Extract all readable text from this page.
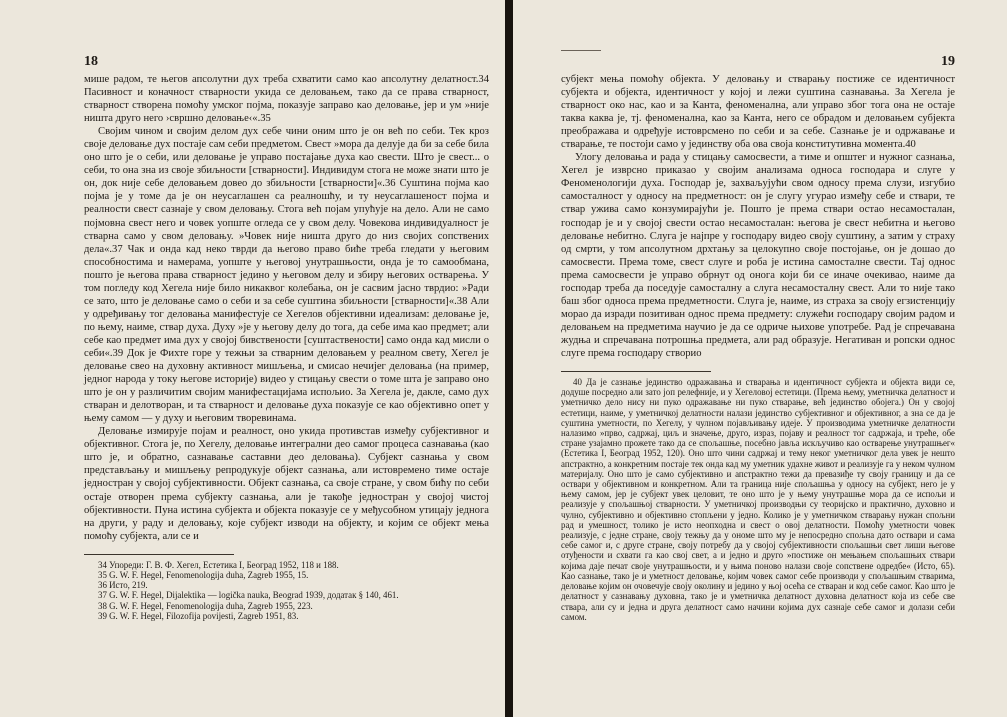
18

мише радом, те његов апсолутни дух треба схватити само као апсолутну делатност.34 Пасивност и коначност стварности укида се деловањем, тако да се права стварност, стварност створена помоћу умског појма, показује заправо као деловање, јер и ум »није ништа друго него ›свршно деловање‹«.35

Својим чином и својим делом дух себе чини оним што је он већ по себи. Тек кроз своје деловање дух постаје сам себи предметом. Свест »мора да делује да би за себе била оно што је о себи, или деловање је управо постајање духа као свести. Што је свест... о себи, то она зна из своје збиљности [стварности]. Индивидум стога не може знати што је он, док није себе деловањем довео до збиљности [стварности]«.36 Суштина појма као појма је у томе да је он неусаглашен са реалношћу, и ту неусаглашеност појма и реалности свест сазнаје у свом деловању. Стога већ појам упућује на дело. Али не само појмовна свест него и човек уопште огледа се у свом делу. Човекова индивидуалност је стварна само у свом деловању. »Човек није ништа друго до низ својих сопствених дела«.37 Чак и онда кад неко тврди да његово право биће треба гледати у његовим способностима и намерама, уопште у његовој унутрашњости, онда је то самообмана, пошто је његова права стварност једино у његовом делу и збиру његових остварења. У том погледу код Хегела није било никаквог колебања, он је сасвим јасно тврдио: »Ради се зато, што је деловање само о себи и за себе суштина збиљности [стварности]«.38 Али у одређивању тог деловања манифестује се Хегелов објективни идеализам: деловање је, по њему, наиме, ствар духа. Духу »је у његову делу до тога, да себе има као предмет; али себе као предмет има дух у својој бивствености [суштаствености] само онда кад мисли о себи«.39 Док је Фихте горе у тежњи за стварним деловањем у реалном свету, Хегел је деловање свео на духовну активност мишљења, и смисао нечијег деловања (на пример, једног народа у току његове историје) видео у стицању свести о томе шта је заправо оно што је он у различитим својим манифестацијама испољио. За Хегела је, дакле, само дух стваран и делотворан, и та стварност и деловање духа показује се као објективно опет у њему самом — у духу и његовим творевинама.

Деловање измирује појам и реалност, оно укида противстав између субјективног и објективног. Стога је, по Хегелу, деловање интегрални део самог процеса сазнавања (као што је, и обратно, сазнавање саставни део деловања). Субјект сазнања у свом представљању и мишљењу репродукује објект сазнања, али истовремено тиме остаје једностран у својој субјективности. Објект сазнања, са своје стране, у свом бићу по себи остаје отворен према субјекту сазнања, али је такође једностран у својој чистој објективности. Пуна истина субјекта и објекта показује се у међусобном утицају једнога на други, у раду и деловању, које субјект изводи на објекту, и којим се објект мења помоћу субјекта, али се и

34 Упореди: Г. В. Ф. Хегел, Естетика I, Београд 1952, 118 и 188.

35 G. W. F. Hegel, Fenomenologija duha, Zagreb 1955, 15.

36 Исто, 219.

37 G. W. F. Hegel, Dijalektika — logička nauka, Beograd 1939, додатак § 140, 461.

38 G. W. F. Hegel, Fenomenologija duha, Zagreb 1955, 223.

39 G. W. F. Hegel, Filozofija povijesti, Zagreb 1951, 83.

19

субјект мења помоћу објекта. У деловању и стварању постиже се идентичност субјекта и објекта, идентичност у којој и лежи суштина сазнавања. За Хегела је стварност око нас, као и за Канта, феноменална, али управо због тога она не остаје таква каква је, тј. феноменална, као за Канта, него се обрадом и деловањем субјекта преображава и одређује истоврсмено по себи и за себе. Сазнање је и одржавање и стварање, те постоји само у јединству оба ова своја конститутивна момента.40

Улогу деловања и рада у стицању самосвести, а тиме и општег и нужног сазнања, Хегел је изврсно приказао у својим анализама односа господара и слуге у Феноменологији духа. Господар је, захваљујући свом односу према слузи, изгубио самосталност у односу на предметност: он је слугу угурао између себе и ствари, те ствар ужива само конзумирајући је. Пошто је према ствари остао несамосталан, господар је и у својој свести остао несамосталан: његова је свест небитна и његово деловање небитно. Слуга је најпре у господару видео своју суштину, а затим у страху од смрти, у том апсолутном дрхтању за целокупно своје постојање, он је дошао до самосвести. Према томе, свест слуге и роба је истина самосталне свести. Тај однос према самосвести је управо обрнут од онога који би се иначе очекивао, наиме да господар треба да поседује самосталну а слуга несамосталну свест. Али то није тако баш због односа према предметности. Слуга је, наиме, из страха за своју егзистенцију морао да изради позитиван однос према предмету: служећи господару својим радом и деловањем на предметима научио је да се одриче њихове употребе. Рад је спречавана жудња и спречавана потрошња предмета, али рад образује. Негативан и ропски однос слуге према господару створио

40 Да је сазнање јединство одражавања и стварања и идентичност субјекта и објекта види се, додуше посредно али зато јоп релефније, и у Хегеловој естетици. (Према њему, уметничка делатност и уметничко дело нису ни пуко одражавање ни пуко стварање, већ јединство обојега.) Он у својој естетици, наиме, у уметничкој делатности налази јединство субјективног и објективног, а зна се да је суштина уметности, по Хегелу, у чулном појављивању идеје. У производима уметничке делатности налазимо »прво, садржај, циљ и значење, друго, израз, појаву и реалност тог садржаја, и треће, обе стране узајамно прожете тако да се спољашње, посебно јавља искључиво као остварење унутрашњег« (Естетика I, Београд 1952, 120). Оно што чини садржај и тему неког уметничког дела увек је нешто апстрактно, а конкретним постаје тек онда кад му уметник удахне живот и реализује га у неком чулном материјалу. Оно што је само субјективно и апстрактно тежи да превазиђе ту своју границу и да се оствари у објективном и конкретном. Али та граница није спољашња у односу на субјект, него је у њему самом, јер је субјект увек целовит, те оно што је у њему унутрашње мора да се испољи и реализује у спољашњој стварности. У уметничкој производњи су теоријско и практично, духовно и чулно, субјективно и објективно стопљени у једно. Колико је у уметничком стварању нужан спољни рад и умешност, толико је исто неопходна и свест о овој делатности. Помоћу уметности човек реализује, с једне стране, своју тежњу да у ономе што му је непосредно спољна дато оствари и сама себе самог и, с друге стране, своју потребу да у својој субјективности спољашњи свет лиши његове отуђености и схвати га као свој свет, а и једно и друго »постиже он мењањем спољашњих ствари којима даје печат своје унутрашњости, и у њима поново налази своје сопствене одредбе« (Исто, 65). Као сазнање, тако је и уметност деловање, којим човек самог себе производи у спољашњим стварима, деловање којим он очовечује своју околину и једино у њој осећа се стваран и код себе самог. Као што је делатност у сазнавању духовна, тако је и уметничка делатност духовна делатност која из себе све ствара, али су и једна и друга делатност само начини којима дух сазнаје себе самог и долази себи самом.
